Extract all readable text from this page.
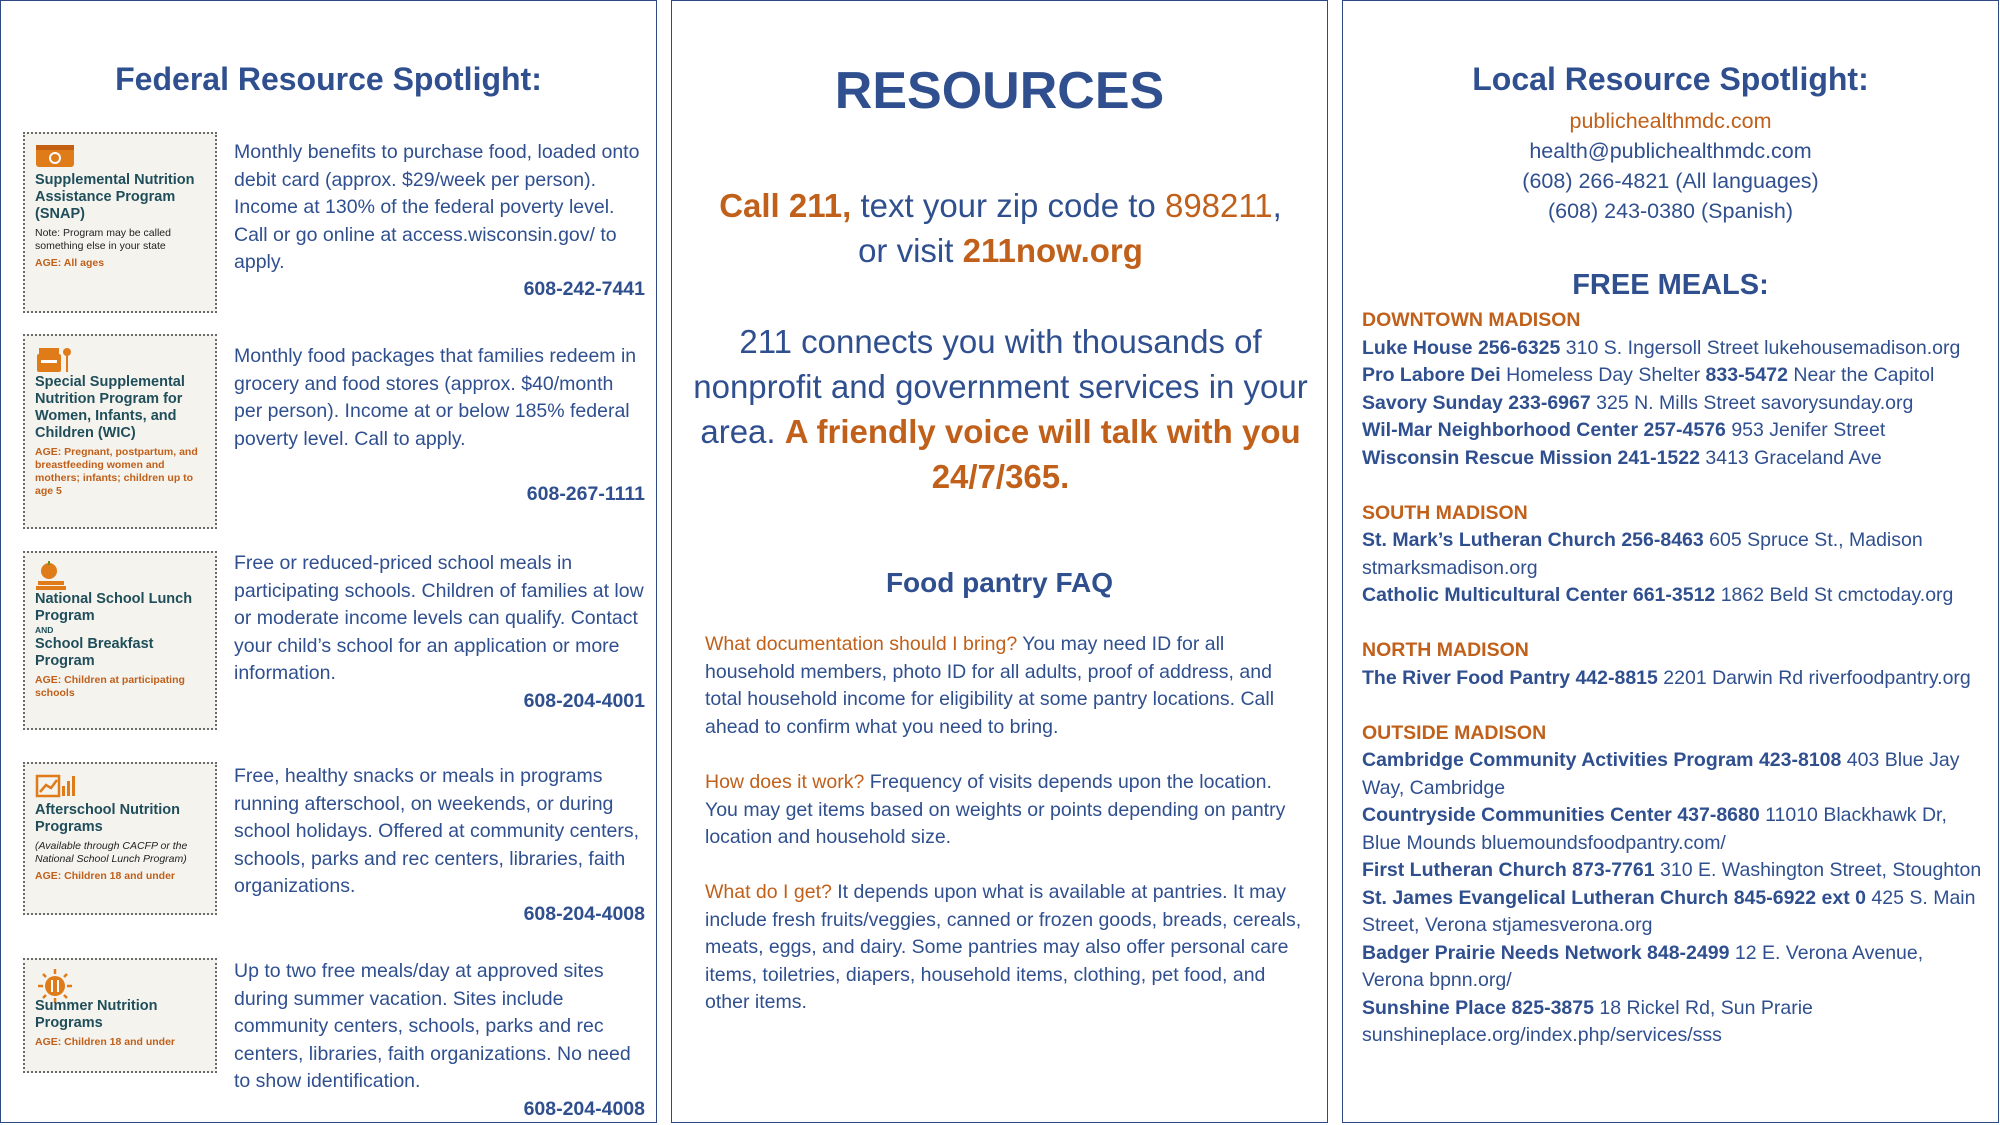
Federal Resource Spotlight:
Supplemental Nutrition Assistance Program (SNAP)
Note: Program may be called something else in your state
AGE: All ages
Monthly benefits to purchase food, loaded onto debit card (approx. $29/week per person). Income at 130% of the federal poverty level. Call or go online at access.wisconsin.gov/ to apply.
608-242-7441
Special Supplemental Nutrition Program for Women, Infants, and Children (WIC)
AGE: Pregnant, postpartum, and breastfeeding women and mothers; infants; children up to age 5
Monthly food packages that families redeem in grocery and food stores (approx. $40/month per person). Income at or below 185% federal poverty level. Call to apply.
608-267-1111
National School Lunch Program
AND
School Breakfast Program
AGE: Children at participating schools
Free or reduced-priced school meals in participating schools. Children of families at low or moderate income levels can qualify. Contact your child’s school for an application or more information.
608-204-4001
Afterschool Nutrition Programs
(Available through CACFP or the National School Lunch Program)
AGE: Children 18 and under
Free, healthy snacks or meals in programs running afterschool, on weekends, or during school holidays. Offered at community centers, schools, parks and rec centers, libraries, faith organizations.
608-204-4008
Summer Nutrition Programs
AGE: Children 18 and under
Up to two free meals/day at approved sites during summer vacation. Sites include community centers, schools, parks and rec centers, libraries, faith organizations. No need to show identification.
608-204-4008
RESOURCES
Call 211, text your zip code to 898211,
or visit 211now.org
211 connects you with thousands of nonprofit and government services in your area. A friendly voice will talk with you 24/7/365.
Food pantry FAQ
What documentation should I bring? You may need ID for all household members, photo ID for all adults, proof of address, and total household income for eligibility at some pantry locations. Call ahead to confirm what you need to bring.
How does it work? Frequency of visits depends upon the location. You may get items based on weights or points depending on pantry location and household size.
What do I get? It depends upon what is available at pantries. It may include fresh fruits/veggies, canned or frozen goods, breads, cereals, meats, eggs, and dairy. Some pantries may also offer personal care items, toiletries, diapers, household items, clothing, pet food, and other items.
Local Resource Spotlight:
publichealthmdc.com
health@publichealthmdc.com
(608) 266-4821 (All languages)
(608) 243-0380 (Spanish)
FREE MEALS:
DOWNTOWN MADISON
Luke House 256-6325 310 S. Ingersoll Street lukehousemadison.org
Pro Labore Dei Homeless Day Shelter 833-5472 Near the Capitol
Savory Sunday 233-6967 325 N. Mills Street savorysunday.org
Wil-Mar Neighborhood Center 257-4576 953 Jenifer Street
Wisconsin Rescue Mission 241-1522 3413 Graceland Ave
SOUTH MADISON
St. Mark’s Lutheran Church 256-8463 605 Spruce St., Madison stmarksmadison.org
Catholic Multicultural Center 661-3512 1862 Beld St cmctoday.org
NORTH MADISON
The River Food Pantry 442-8815 2201 Darwin Rd riverfoodpantry.org
OUTSIDE MADISON
Cambridge Community Activities Program 423-8108 403 Blue Jay Way, Cambridge
Countryside Communities Center 437-8680 11010 Blackhawk Dr, Blue Mounds bluemoundsfoodpantry.com/
First Lutheran Church 873-7761 310 E. Washington Street, Stoughton
St. James Evangelical Lutheran Church 845-6922 ext 0 425 S. Main Street, Verona stjamesverona.org
Badger Prairie Needs Network 848-2499 12 E. Verona Avenue, Verona bpnn.org/
Sunshine Place 825-3875 18 Rickel Rd, Sun Prarie sunshineplace.org/index.php/services/sss
